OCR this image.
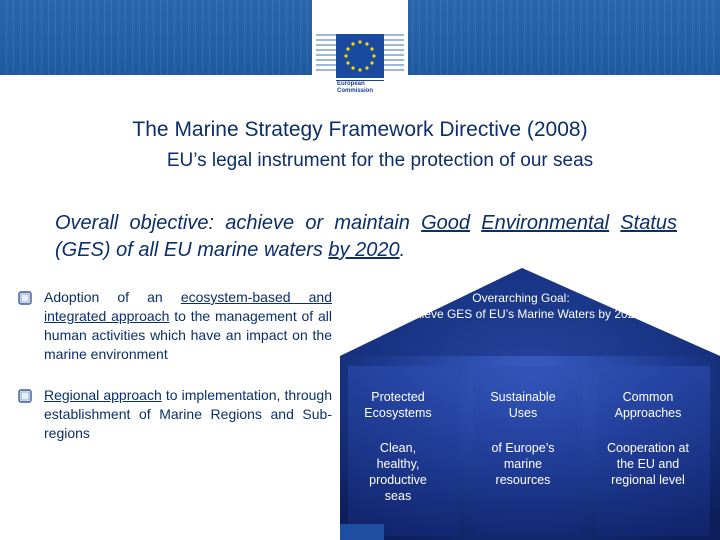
European
Commission
The Marine Strategy Framework Directive (2008)
EU’s legal instrument for the protection of our seas
Overall objective: achieve or maintain Good Environmental Status (GES) of all EU marine waters by 2020.
Adoption of an ecosystem-based and integrated approach to the management of all human activities which have an impact on the marine environment
Regional approach to implementation, through establishment of Marine Regions and Sub-regions
Overarching Goal:
Achieve GES of EU’s Marine Waters by 2020
Protected Ecosystems
Sustainable Uses
Common Approaches
Clean, healthy, productive seas
of Europe’s marine resources
Cooperation at the EU and regional level
